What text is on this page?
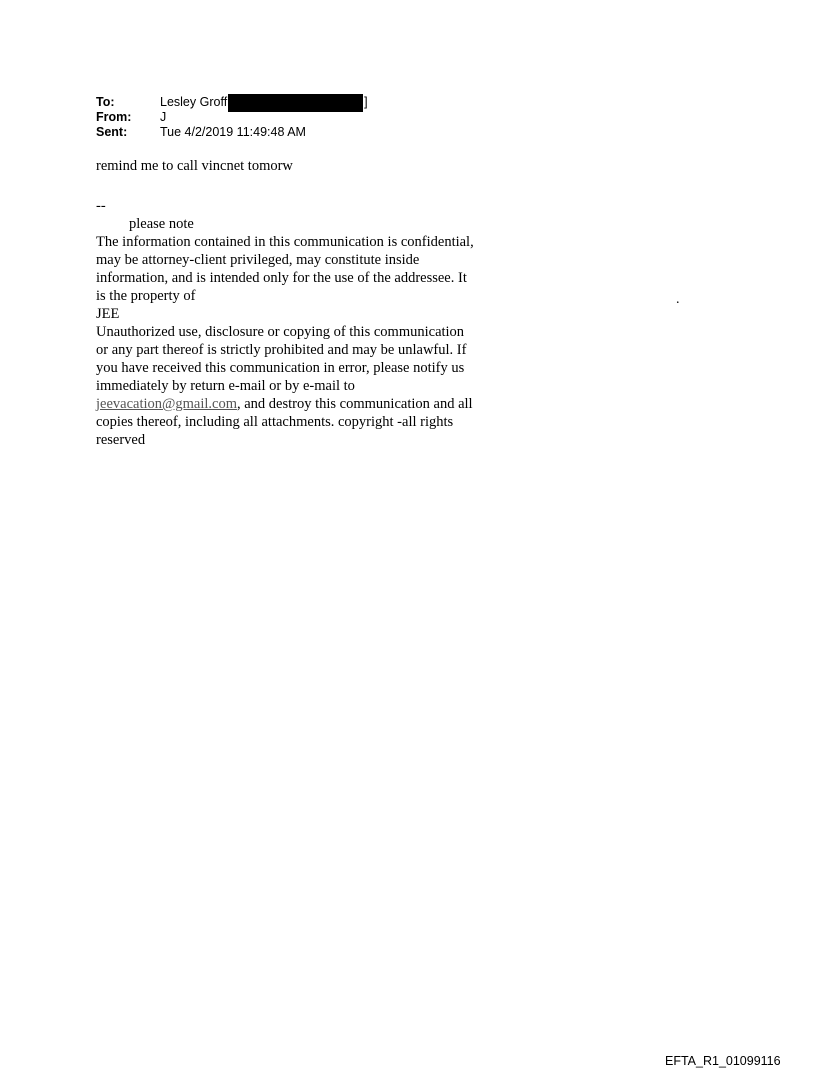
To:	Lesley Groff	]
From:	J
Sent:	Tue 4/2/2019 11:49:48 AM

remind me to call vincnet tomorw

--

please note

The information contained in this communication is confidential, may be attorney-client privileged, may constitute inside information, and is intended only for the use of the addressee. It is the property of

JEE

Unauthorized use, disclosure or copying of this communication or any part thereof is strictly prohibited and may be unlawful. If you have received this communication in error, please notify us immediately by return e-mail or by e-mail to jeevacation@gmail.com, and destroy this communication and all copies thereof, including all attachments. copyright -all rights reserved

.
EFTA_R1_01099116
